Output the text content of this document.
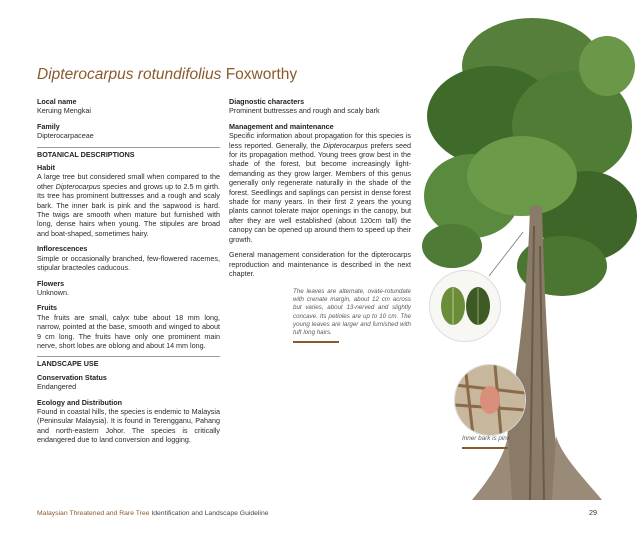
Dipterocarpus rotundifolius Foxworthy
Local name
Keruing Mengkai
Family
Dipterocarpaceae
BOTANICAL DESCRIPTIONS
Habit

A large tree but considered small when compared to the other Dipterocarpus species and grows up to 2.5 m girth. Its tree has prominent buttresses and a rough and scaly bark. The inner bark is pink and the sapwood is hard. The twigs are smooth when mature but furnished with long, dense hairs when young. The stipules are broad and boat-shaped, sometimes hairy.

Inflorescences

Simple or occasionally branched, few-flowered racemes, stipular bracteoles caducous.

Flowers
Unknown.
Fruits

The fruits are small, calyx tube about 18 mm long, narrow, pointed at the base, smooth and winged to about 9 cm long. The fruits have only one prominent main nerve, short lobes are oblong and about 14 mm long.

LANDSCAPE USE
Conservation Status
Endangered
Ecology and Distribution

Found in coastal hills, the species is endemic to Malaysia (Peninsular Malaysia). It is found in Terengganu, Pahang and north-eastern Johor. The species is critically endangered due to land conversion and logging.

Diagnostic characters
Prominent buttresses and rough and scaly bark
Management and maintenance

Specific information about propagation for this species is less reported. Generally, the Dipterocarpus prefers seed for its propagation method. Young trees grow best in the shade of the forest, but become increasingly light-demanding as they grow larger. Members of this genus generally only regenerate naturally in the shade of the forest. Seedlings and saplings can persist in dense forest shade for many years. In their first 2 years the young plants cannot tolerate major openings in the canopy, but after they are well established (about 120cm tall) the canopy can be opened up around them to speed up their growth.

General management consideration for the dipterocarps reproduction and maintenance is described in the next chapter.

The leaves are alternate, ovate-rotundate with crenate margin, about 12 cm across but varies, about 13-nerved and slightly concave. Its petioles are up to 10 cm. The young leaves are larger and furnished with tuft long hairs.
Inner bark is pink
Malaysian Threatened and Rare Tree Identification and Landscape Guideline	29
